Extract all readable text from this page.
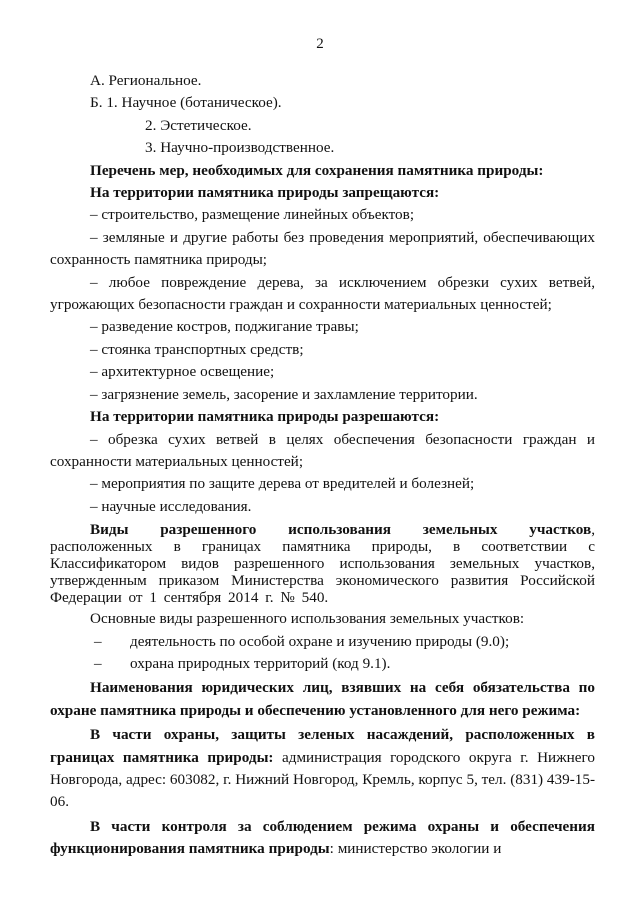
2
А. Региональное.
Б. 1. Научное (ботаническое).
2. Эстетическое.
3. Научно-производственное.
Перечень мер, необходимых для сохранения памятника природы:
На территории памятника природы запрещаются:
– строительство, размещение линейных объектов;
– земляные и другие работы без проведения мероприятий, обеспечивающих сохранность памятника природы;
– любое повреждение дерева, за исключением обрезки сухих ветвей, угрожающих безопасности граждан и сохранности материальных ценностей;
– разведение костров, поджигание травы;
– стоянка транспортных средств;
– архитектурное освещение;
– загрязнение земель, засорение и захламление территории.
На территории памятника природы разрешаются:
– обрезка сухих ветвей в целях обеспечения безопасности граждан и сохранности материальных ценностей;
– мероприятия по защите дерева от вредителей и болезней;
– научные исследования.
Виды разрешенного использования земельных участков, расположенных в границах памятника природы, в соответствии с Классификатором видов разрешенного использования земельных участков, утвержденным приказом Министерства экономического развития Российской Федерации от 1 сентября 2014 г. № 540.
Основные виды разрешенного использования земельных участков:
–	деятельность по особой охране и изучению природы (9.0);
–	охрана природных территорий (код 9.1).
Наименования юридических лиц, взявших на себя обязательства по охране памятника природы и обеспечению установленного для него режима:
В части охраны, защиты зеленых насаждений, расположенных в границах памятника природы: администрация городского округа г. Нижнего Новгорода, адрес: 603082, г. Нижний Новгород, Кремль, корпус 5, тел. (831) 439-15-06.
В части контроля за соблюдением режима охраны и обеспечения функционирования памятника природы: министерство экологии и
